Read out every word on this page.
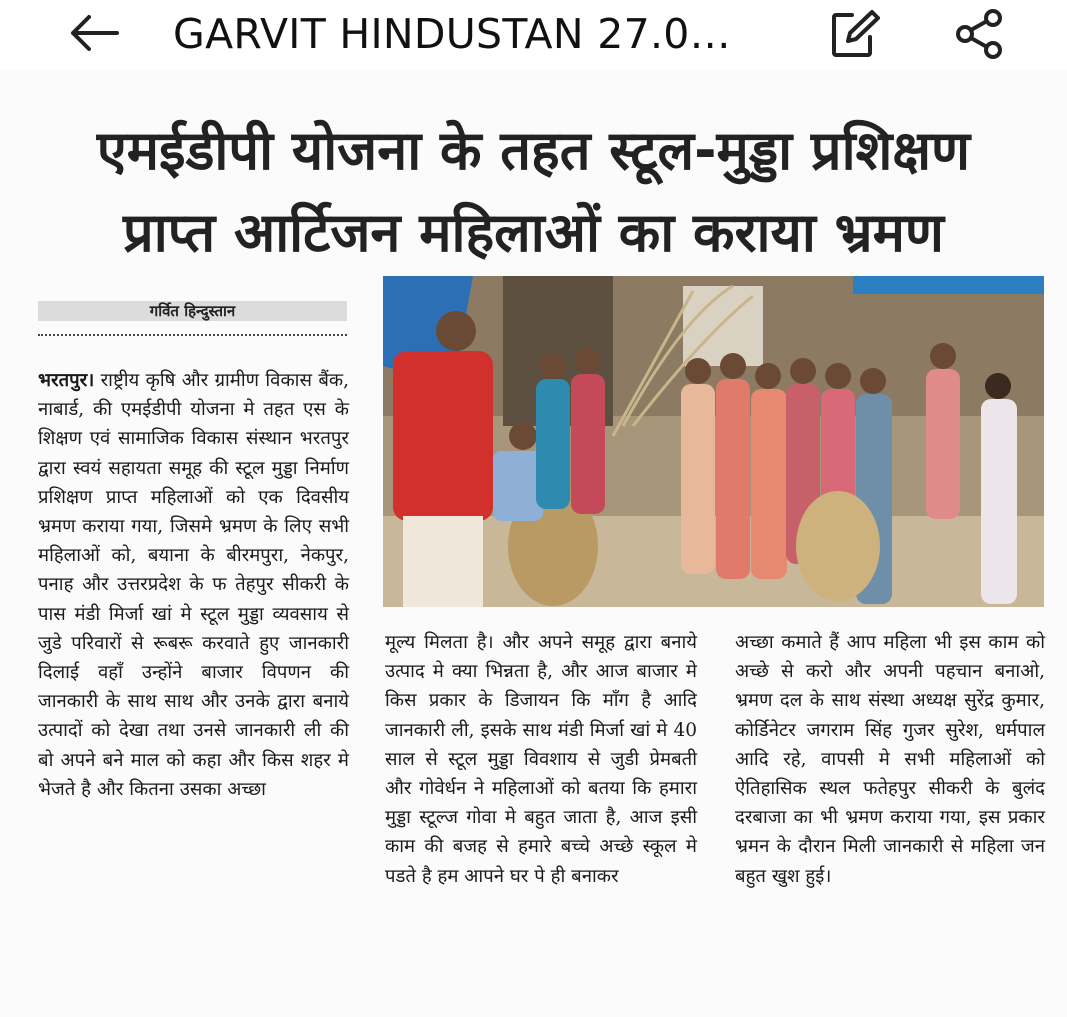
GARVIT HINDUSTAN 27.0…
एमईडीपी योजना के तहत स्टूल-मुड्डा प्रशिक्षण
प्राप्त आर्टिजन महिलाओं का कराया भ्रमण
गर्वित हिन्दुस्तान
भरतपुर। राष्ट्रीय कृषि और ग्रामीण विकास बैंक, नाबार्ड, की एमईडीपी योजना मे तहत एस के शिक्षण एवं सामाजिक विकास संस्थान भरतपुर द्वारा स्वयं सहायता समूह की स्टूल मुड्डा निर्माण प्रशिक्षण प्राप्त महिलाओं को एक दिवसीय भ्रमण कराया गया, जिसमे भ्रमण के लिए सभी महिलाओं को, बयाना के बीरमपुरा, नेकपुर, पनाह और उत्तरप्रदेश के फ तेहपुर सीकरी के पास मंडी मिर्जा खां मे स्टूल मुड्डा व्यवसाय से जुडे परिवारों से रूबरू करवाते हुए जानकारी दिलाई वहाँ उन्होंने बाजार विपणन की जानकारी के साथ साथ और उनके द्वारा बनाये उत्पादों को देखा तथा उनसे जानकारी ली की बो अपने बने माल को कहा और किस शहर मे भेजते है और कितना उसका अच्छा
मूल्य मिलता है। और अपने समूह द्वारा बनाये उत्पाद मे क्या भिन्नता है, और आज बाजार मे किस प्रकार के डिजायन कि माँग है आदि जानकारी ली, इसके साथ मंडी मिर्जा खां मे 40 साल से स्टूल मुड्डा विवशाय से जुडी प्रेमबती और गोवेर्धन ने महिलाओं को बतया कि हमारा मुड्डा स्टूल्ज गोवा मे बहुत जाता है, आज इसी काम की बजह से हमारे बच्चे अच्छे स्कूल मे पडते है हम आपने घर पे ही बनाकर
अच्छा कमाते हैं आप महिला भी इस काम को अच्छे से करो और अपनी पहचान बनाओ, भ्रमण दल के साथ संस्था अध्यक्ष सुरेंद्र कुमार, कोर्डिनेटर जगराम सिंह गुजर सुरेश, धर्मपाल आदि रहे, वापसी मे सभी महिलाओं को ऐतिहासिक स्थल फतेहपुर सीकरी के बुलंद दरबाजा का भी भ्रमण कराया गया, इस प्रकार भ्रमन के दौरान मिली जानकारी से महिला जन बहुत खुश हुई।
